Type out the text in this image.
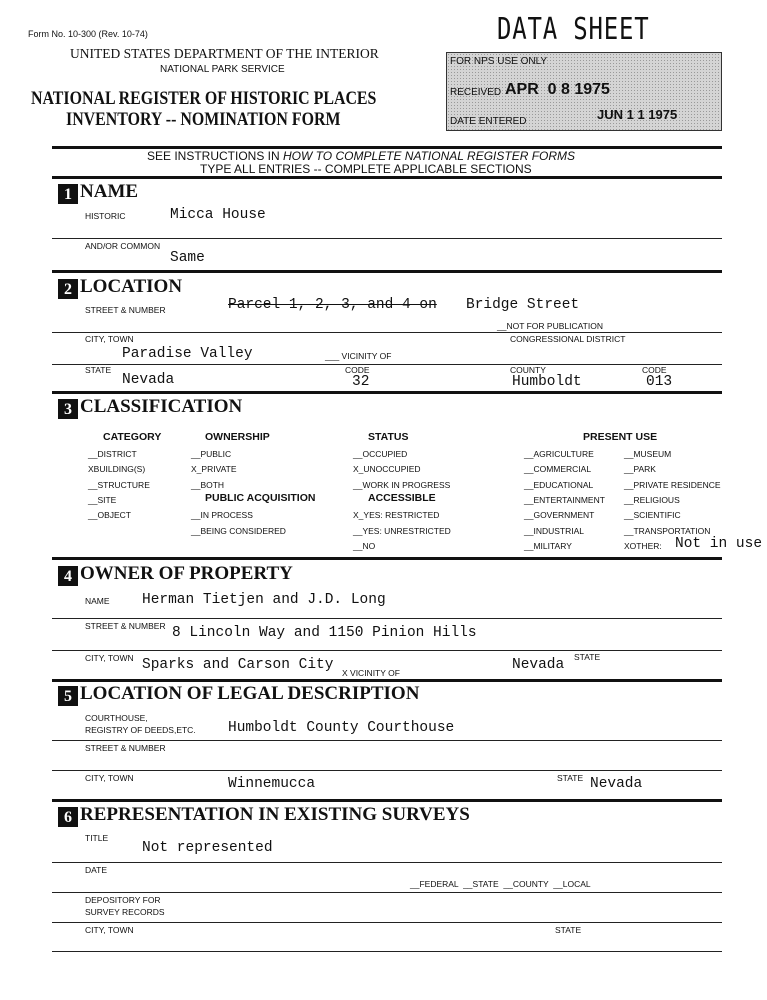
Form No. 10-300 (Rev. 10-74)	DATA SHEET
UNITED STATES DEPARTMENT OF THE INTERIOR
NATIONAL PARK SERVICE
NATIONAL REGISTER OF HISTORIC PLACES
INVENTORY -- NOMINATION FORM
FOR NPS USE ONLY
RECEIVED APR  0 8 1975
DATE ENTERED	JUN 1 1 1975
SEE INSTRUCTIONS IN HOW TO COMPLETE NATIONAL REGISTER FORMS
TYPE ALL ENTRIES -- COMPLETE APPLICABLE SECTIONS
1 NAME
HISTORIC	Micca House
AND/OR COMMON
Same
2 LOCATION
STREET & NUMBER	Parcel 1, 2, 3, and 4 on Bridge Street
__NOT FOR PUBLICATION
CITY, TOWN	CONGRESSIONAL DISTRICT
Paradise Valley	___ VICINITY OF
STATE
Nevada
CODE
32
COUNTY
Humboldt
CODE
013
3 CLASSIFICATION
4 OWNER OF PROPERTY
NAME Herman Tietjen and J.D. Long
STREET & NUMBER 8 Lincoln Way and 1150 Pinion Hills
CITY, TOWN Sparks and Carson City X VICINITY OF
STATE
Nevada
5 LOCATION OF LEGAL DESCRIPTION
COURTHOUSE,
REGISTRY OF DEEDS,ETC. Humboldt County Courthouse
STREET & NUMBER
CITY, TOWN	Winnemucca	STATE Nevada
6 REPRESENTATION IN EXISTING SURVEYS
TITLE
Not represented
DATE
__FEDERAL  __STATE  __COUNTY  __LOCAL
DEPOSITORY FOR
SURVEY RECORDS
CITY, TOWN	STATE
CATEGORY
__DISTRICT
XBUILDING(S)
__STRUCTURE
__SITE
__OBJECT
OWNERSHIP
__PUBLIC
X_PRIVATE
__BOTH
PUBLIC ACQUISITION
__IN PROCESS
__BEING CONSIDERED
STATUS
__OCCUPIED
X_UNOCCUPIED
__WORK IN PROGRESS
ACCESSIBLE
X_YES: RESTRICTED
__YES: UNRESTRICTED
__NO
PRESENT USE
__AGRICULTURE
__COMMERCIAL
__EDUCATIONAL
__ENTERTAINMENT
__GOVERNMENT
__INDUSTRIAL
__MILITARY
__MUSEUM
__PARK
__PRIVATE RESIDENCE
__RELIGIOUS
__SCIENTIFIC
__TRANSPORTATION
XOTHER: Not in use
